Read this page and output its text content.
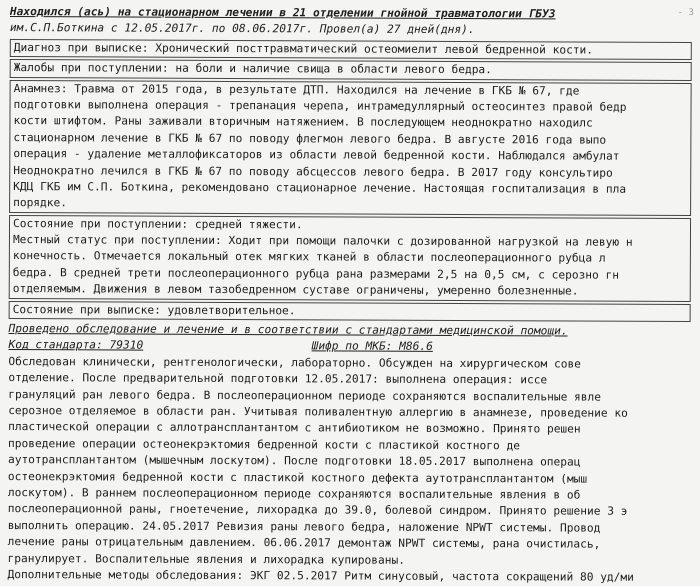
- 3
Находился (ась) на стационарном лечении в 21 отделении гнойной травматологии ГБУЗ
им.С.П.Боткина с 12.05.2017г. по 08.06.2017г. Провел(а) 27 дней(дня).
Диагноз при выписке: Хронический посттравматический остеомиелит левой бедренной кости.
Жалобы при поступлении: на боли и наличие свища в области левого бедра.
Анамнез: Травма от 2015 года, в результате ДТП. Находился на лечение в ГКБ № 67, где
подготовки выполнена операция - трепанация черепа, интрамедуллярный остеосинтез правой бедр
кости штифтом. Раны заживали вторичным натяжением. В последующем неоднократно находилс
стационарном лечение в ГКБ № 67 по поводу флегмон левого бедра. В августе 2016 года выпо
операция - удаление металлофиксаторов из области левой бедренной кости. Наблюдался амбулат
Неоднократно лечился в ГКБ № 67 по поводу абсцессов левого бедра. В 2017 году консультиро
КДЦ ГКБ им С.П. Боткина, рекомендовано стационарное лечение. Настоящая госпитализация в пла
порядке.
Состояние при поступлении: средней тяжести.
Местный статус при поступлении: Ходит при помощи палочки с дозированной нагрузкой на левую н
конечность. Отмечается локальный отек мягких тканей в области послеоперационного рубца л
бедра. В средней трети послеоперационного рубца рана размерами 2,5 на 0,5 см, с серозно гн
отделяемым. Движения в левом тазобедренном суставе ограничены, умеренно болезненные.
Состояние при выписке: удовлетворительное.
Проведено обследование и лечение и в соответствии с стандартами медицинской помощи.
Код стандарта: 79310	Шифр по МКБ: M86.6
Обследован клинически, рентгенологически, лабораторно. Обсужден на хирургическом сове
отделение. После предварительной подготовки 12.05.2017: выполнена операция: иссе
грануляций ран левого бедра. В послеоперационном периоде сохраняются воспалительные явле
серозное отделяемое в области ран. Учитывая поливалентную аллергию в анамнезе, проведение ко
пластической операции с аллотрансплантантом с антибиотиком не возможно. Принято решен
проведение операции остеонекрэктомия бедренной кости с пластикой костного де
аутотрансплантантом (мышечным лоскутом). После подготовки 18.05.2017 выполнена операц
остеонекрэктомия бедренной кости с пластикой костного дефекта аутотрансплантантом (мыш
лоскутом). В раннем послеоперационном периоде сохраняются воспалительные явления в об
послеоперационной раны, гноетечение, лихорадка до 39.0, болевой синдром. Принято решение 3 э
выполнить операцию. 24.05.2017 Ревизия раны левого бедра, наложение NPWT системы. Провод
лечение раны отрицательным давлением. 06.06.2017 демонтаж NPWT системы, рана очистилась,
гранулирует. Воспалительные явления и лихорадка купированы.
Дополнительные методы обследования: ЭКГ 02.5.2017 Ритм синусовый, частота сокращений 80 уд/ми
